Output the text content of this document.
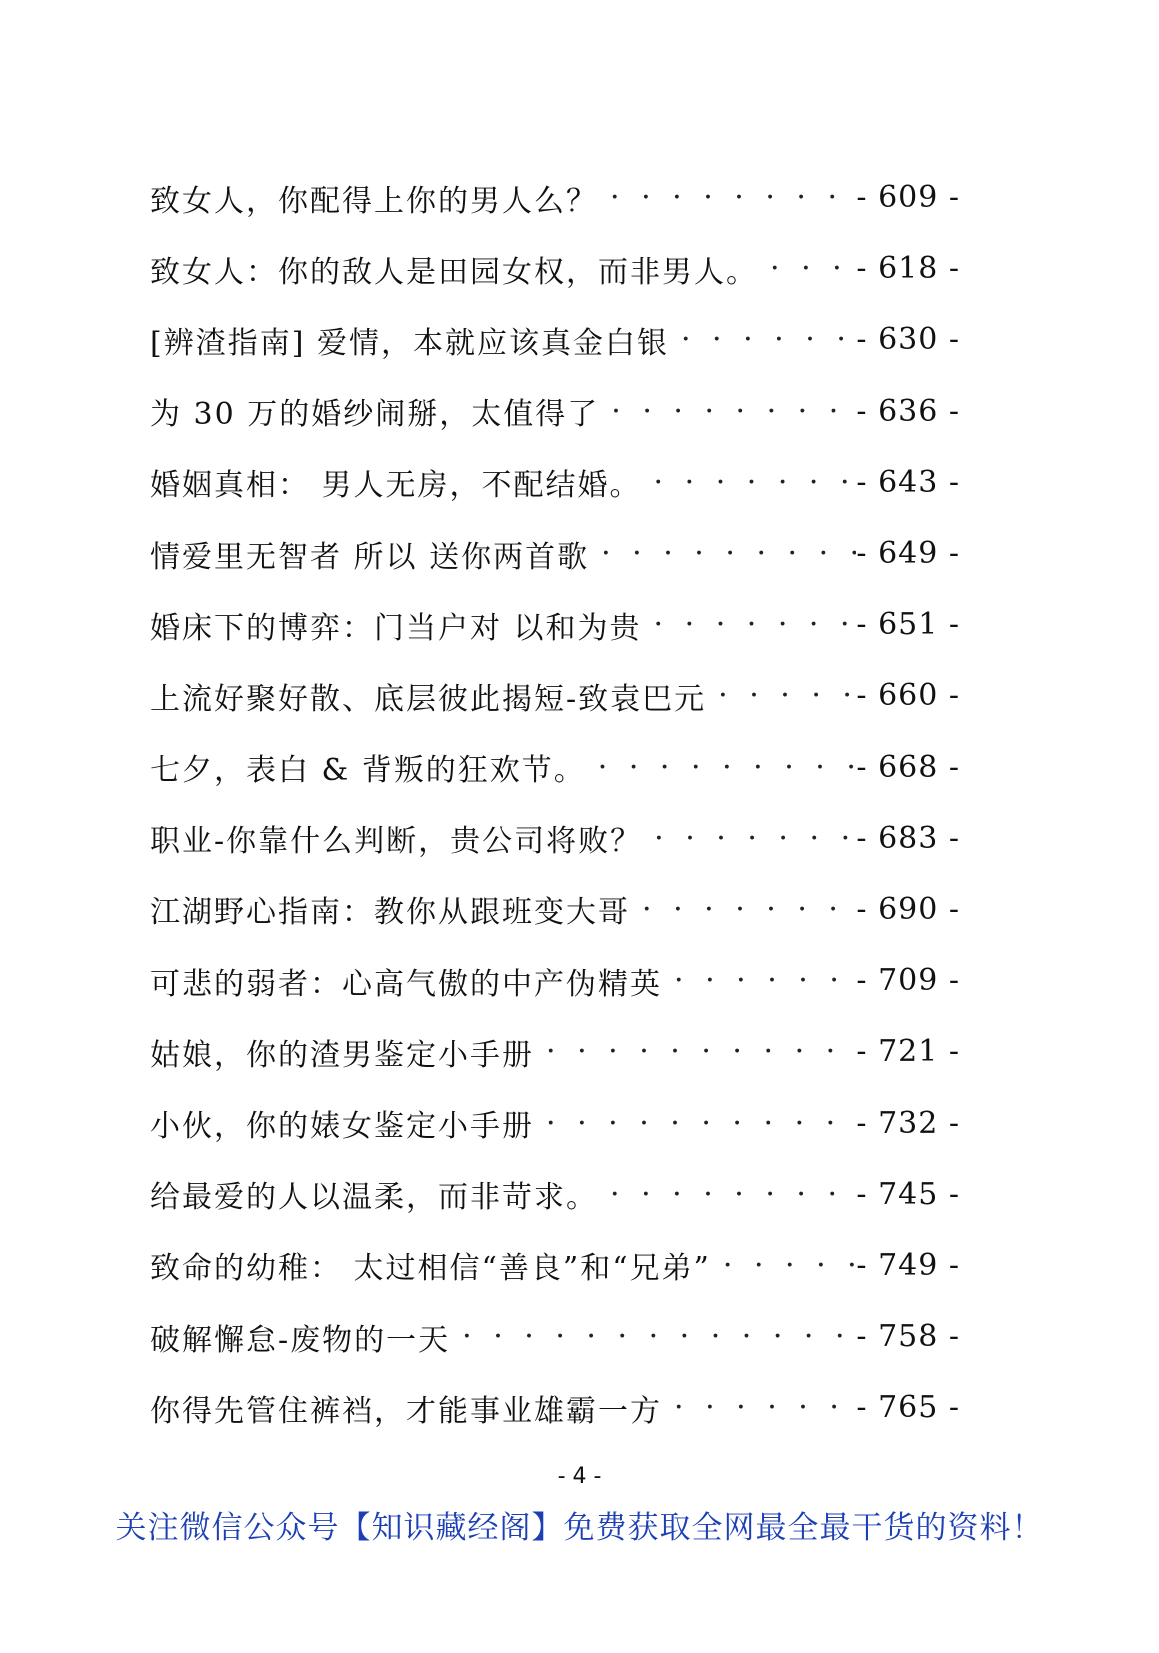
致女人，你配得上你的男人么？ · · ·	- 609 -
致女人：你的敌人是田园女权，而非男人。 · · ·	- 618 -
[辨渣指南] 爱情，本就应该真金白银 · · ·	- 630 -
为 30 万的婚纱闹掰，太值得了 · · ·	- 636 -
婚姻真相： 男人无房，不配结婚。 · · ·	- 643 -
情爱里无智者 所以 送你两首歌 · · ·	- 649 -
婚床下的博弈：门当户对 以和为贵 · · ·	- 651 -
上流好聚好散、底层彼此揭短-致袁巴元 · · ·	- 660 -
七夕，表白 & 背叛的狂欢节。 · · ·	- 668 -
职业-你靠什么判断，贵公司将败？ · · ·	- 683 -
江湖野心指南：教你从跟班变大哥 · · ·	- 690 -
可悲的弱者：心高气傲的中产伪精英 · · ·	- 709 -
姑娘，你的渣男鉴定小手册 · · ·	- 721 -
小伙，你的婊女鉴定小手册 · · ·	- 732 -
给最爱的人以温柔，而非苛求。 · · ·	- 745 -
致命的幼稚： 太过相信“善良”和“兄弟” · · ·	- 749 -
破解懈怠-废物的一天 · · ·	- 758 -
你得先管住裤裆，才能事业雄霸一方 · · ·	- 765 -
- 4 -
关注微信公众号【知识藏经阁】免费获取全网最全最干货的资料！
